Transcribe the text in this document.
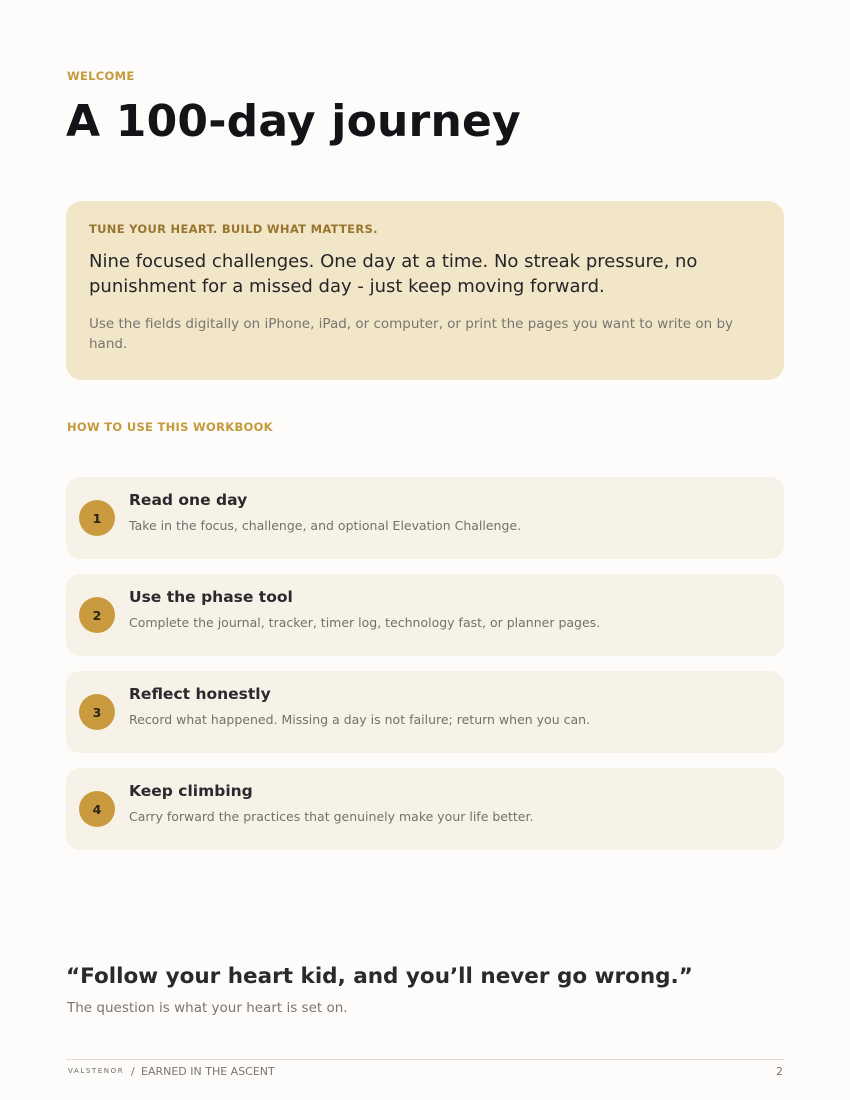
WELCOME
A 100-day journey
TUNE YOUR HEART. BUILD WHAT MATTERS.
Nine focused challenges. One day at a time. No streak pressure, no punishment for a missed day - just keep moving forward.
Use the fields digitally on iPhone, iPad, or computer, or print the pages you want to write on by hand.
HOW TO USE THIS WORKBOOK
1
Read one day
Take in the focus, challenge, and optional Elevation Challenge.
2
Use the phase tool
Complete the journal, tracker, timer log, technology fast, or planner pages.
3
Reflect honestly
Record what happened. Missing a day is not failure; return when you can.
4
Keep climbing
Carry forward the practices that genuinely make your life better.
“Follow your heart kid, and you’ll never go wrong.”
The question is what your heart is set on.
VALSTENOR / EARNED IN THE ASCENT	2
